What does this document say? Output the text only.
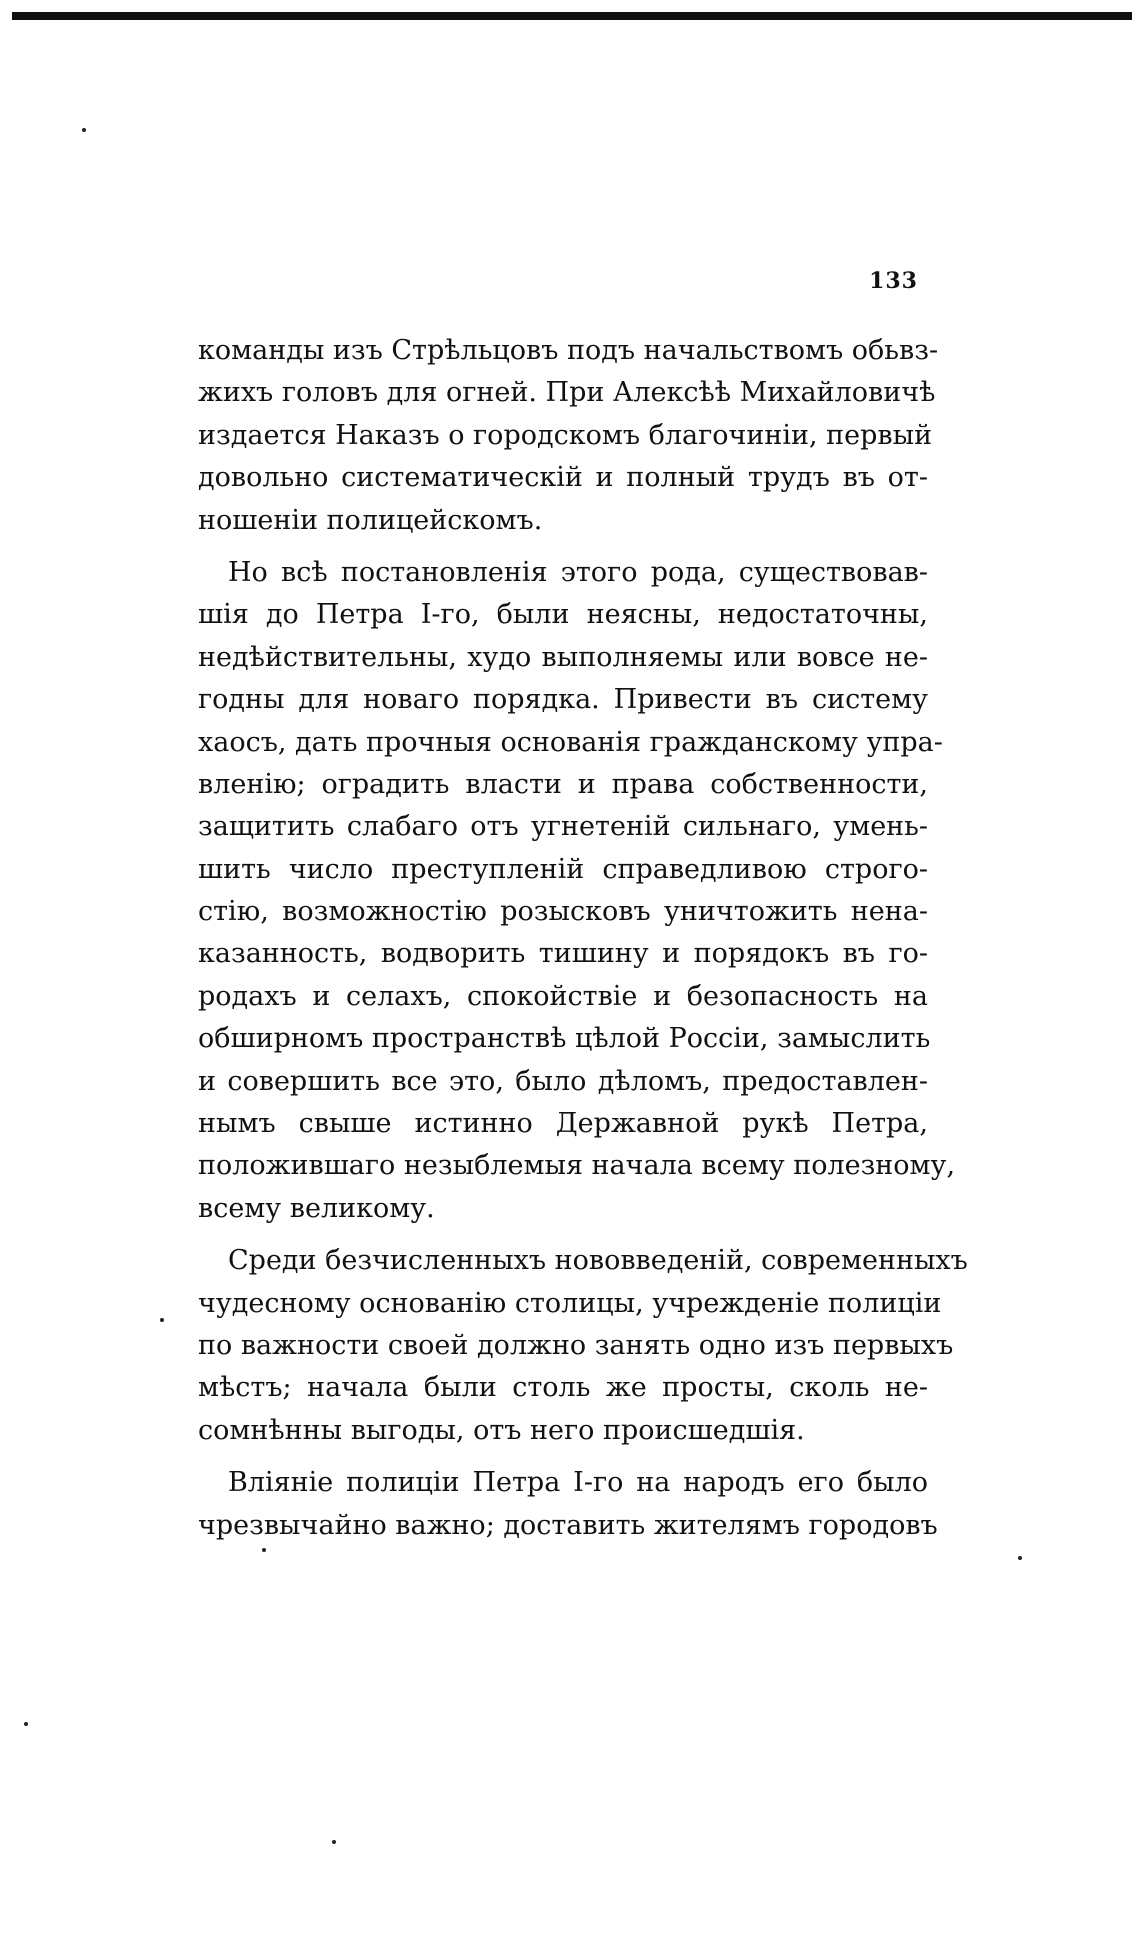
133
команды изъ Стрѣльцовъ подъ начальствомъ обьвз-
жихъ головъ для огней. При Алексѣѣ Михайловичѣ
издается Наказъ о городскомъ благочинiи, первый
довольно систематическiй и полный трудъ въ от-
ношенiи полицейскомъ.
Но всѣ постановленiя этого рода, существовав-
шiя до Петра I-го, были неясны, недостаточны,
недѣйствительны, худо выполняемы или вовсе не-
годны для новаго порядка. Привести въ систему
хаосъ, дать прочныя основанiя гражданскому упра-
вленiю; оградить власти и права собственности,
защитить слабаго отъ угнетенiй сильнаго, умень-
шить число преступленiй справедливою строго-
стiю, возможностiю розысковъ уничтожить нена-
казанность, водворить тишину и порядокъ въ го-
родахъ и селахъ, спокойствiе и безопасность на
обширномъ пространствѣ цѣлой Россiи, замыслить
и совершить все это, было дѣломъ, предоставлен-
нымъ свыше истинно Державной рукѣ Петра,
положившаго незыблемыя начала всему полезному,
всему великому.
Среди безчисленныхъ нововведенiй, современныхъ
чудесному основанiю столицы, учрежденiе полицiи
по важности своей должно занять одно изъ первыхъ
мѣстъ; начала были столь же просты, сколь не-
сомнѣнны выгоды, отъ него происшедшiя.
Влiянiе полицiи Петра I-го на народъ его было
чрезвычайно важно; доставить жителямъ городовъ
